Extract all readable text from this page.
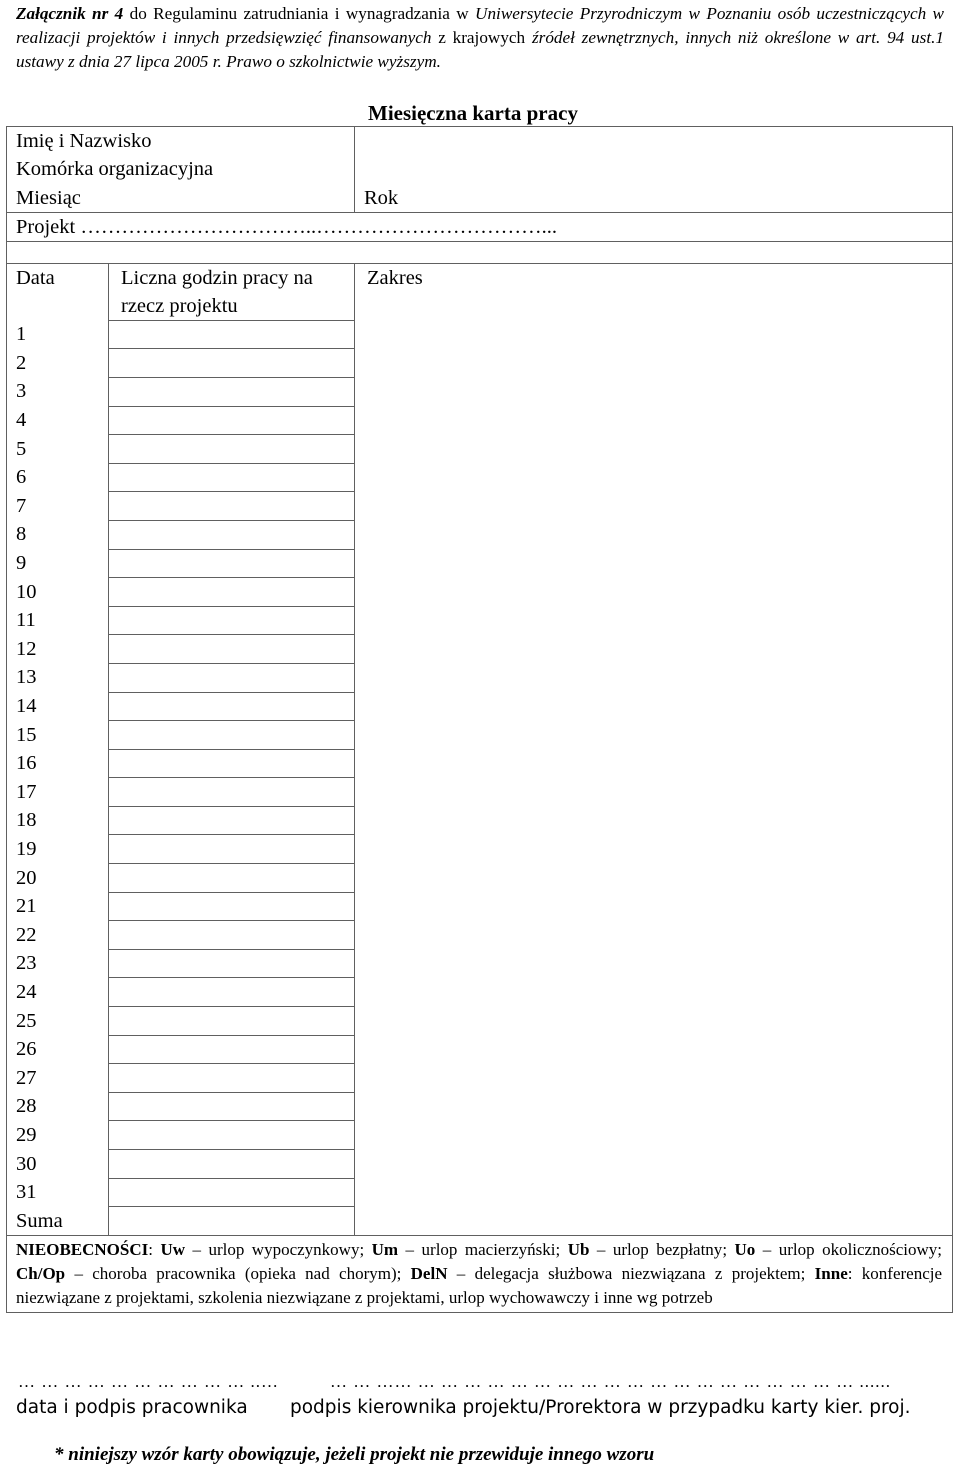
Załącznik nr 4 do Regulaminu zatrudniania i wynagradzania w Uniwersytecie Przyrodniczym w Poznaniu osób uczestniczących w realizacji projektów i innych przedsięwzięć finansowanych z krajowych źródeł zewnętrznych, innych niż określone w art. 94 ust.1 ustawy z dnia 27 lipca 2005 r. Prawo o szkolnictwie wyższym.
Miesięczna karta pracy
Imię i Nazwisko		
Komórka organizacyjna		
Miesiąc		Rok
Projekt ……………………………..……………………………...		

Data	Liczna godzin pracy na rzecz projektu	Zakres
1		
2		
3		
4		
5		
6		
7		
8		
9		
10		
11		
12		
13		
14		
15		
16		
17		
18		
19		
20		
21		
22		
23		
24		
25		
26		
27		
28		
29		
30		
31		
Suma		
NIEOBECNOŚCI: Uw – urlop wypoczynkowy; Um – urlop macierzyński; Ub – urlop bezpłatny; Uo – urlop okolicznościowy; Ch/Op – choroba pracownika (opieka nad chorym); DelN – delegacja służbowa niezwiązana z projektem; Inne: konferencje niezwiązane z projektami, szkolenia niezwiązane z projektami, urlop wychowawczy i inne wg potrzeb		
… … … … … … … … … … ..…	… … …… … … … … … … … … … … … … … … … … … … … ......
data i podpis pracownika podpis kierownika projektu/Prorektora w przypadku karty kier. proj.
* niniejszy wzór karty obowiązuje, jeżeli projekt nie przewiduje innego wzoru
